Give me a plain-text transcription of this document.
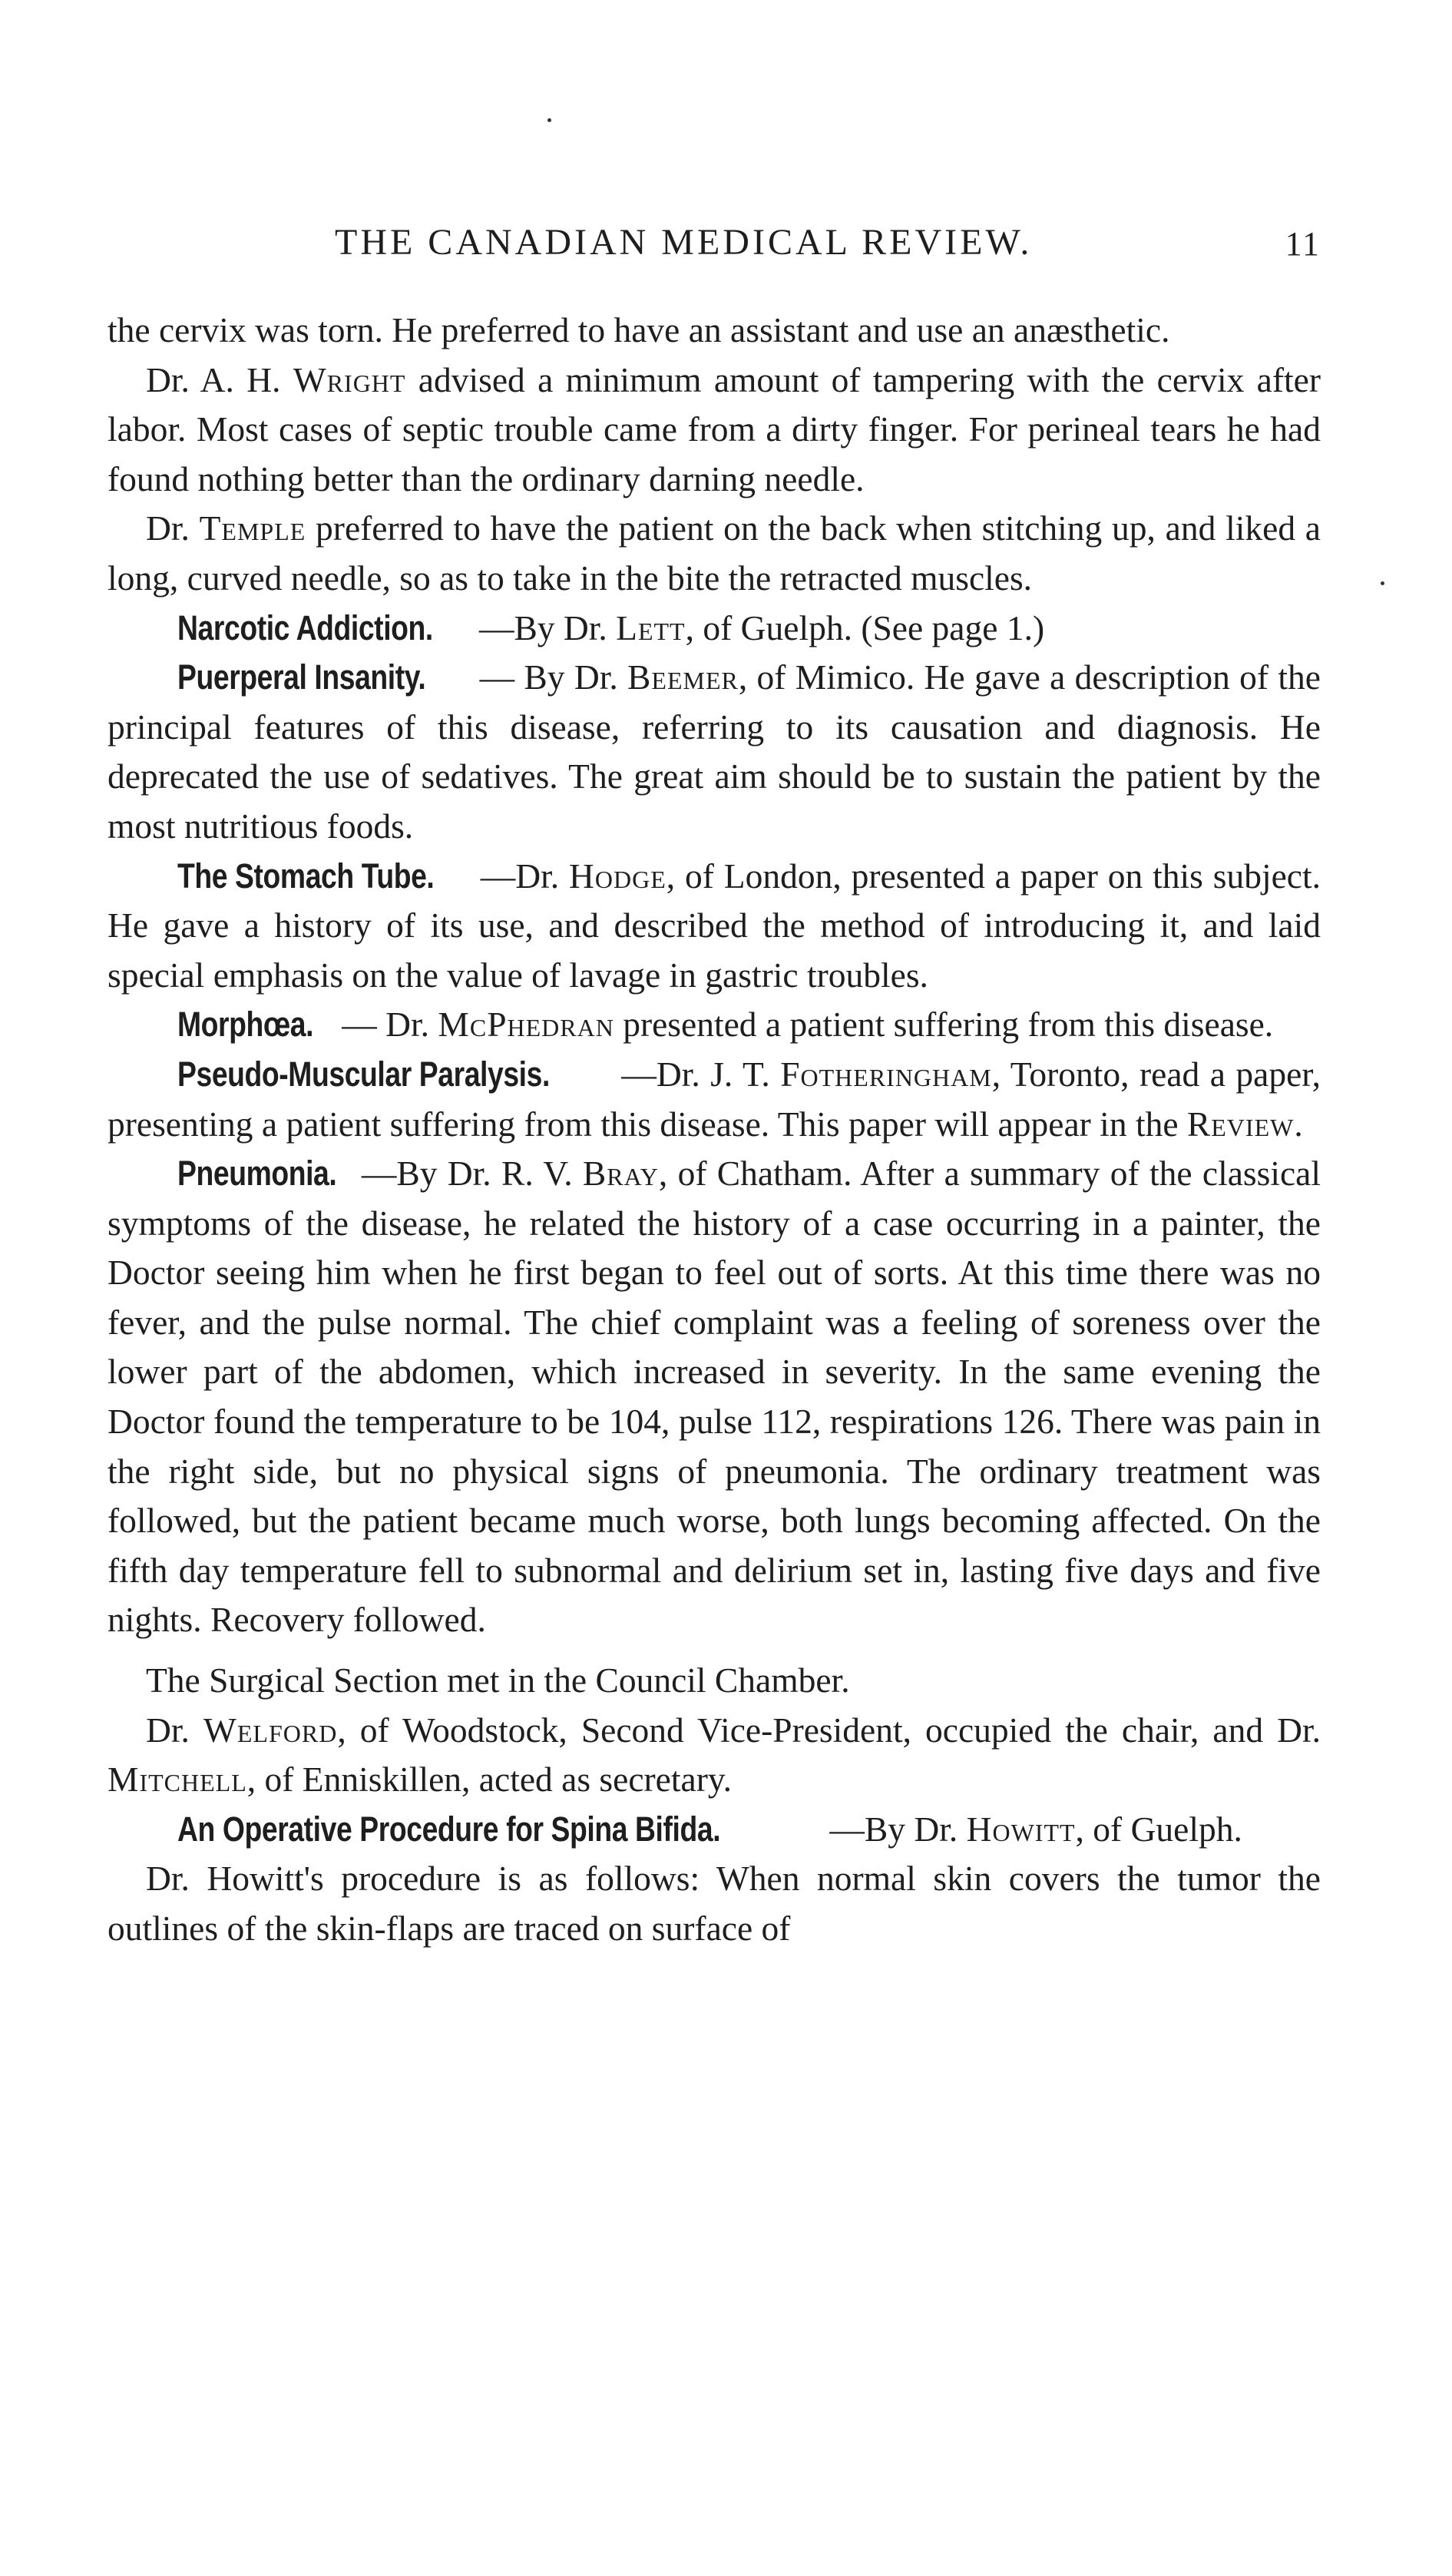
THE CANADIAN MEDICAL REVIEW.	11

the cervix was torn. He preferred to have an assistant and use an anæsthetic.

Dr. A. H. Wright advised a minimum amount of tampering with the cervix after labor. Most cases of septic trouble came from a dirty finger. For perineal tears he had found nothing better than the ordinary darning needle.

Dr. Temple preferred to have the patient on the back when stitching up, and liked a long, curved needle, so as to take in the bite the retracted muscles.

Narcotic Addiction. —By Dr. Lett, of Guelph. (See page 1.)

Puerperal Insanity. — By Dr. Beemer, of Mimico. He gave a description of the principal features of this disease, referring to its causation and diagnosis. He deprecated the use of sedatives. The great aim should be to sustain the patient by the most nutritious foods.

The Stomach Tube. —Dr. Hodge, of London, presented a paper on this subject. He gave a history of its use, and described the method of introducing it, and laid special emphasis on the value of lavage in gastric troubles.

Morphœa. — Dr. McPhedran presented a patient suffering from this disease.

Pseudo-Muscular Paralysis. —Dr. J. T. Fotheringham, Toronto, read a paper, presenting a patient suffering from this disease. This paper will appear in the Review.

Pneumonia. —By Dr. R. V. Bray, of Chatham. After a summary of the classical symptoms of the disease, he related the history of a case occurring in a painter, the Doctor seeing him when he first began to feel out of sorts. At this time there was no fever, and the pulse normal. The chief complaint was a feeling of soreness over the lower part of the abdomen, which increased in severity. In the same evening the Doctor found the temperature to be 104, pulse 112, respirations 126. There was pain in the right side, but no physical signs of pneumonia. The ordinary treatment was followed, but the patient became much worse, both lungs becoming affected. On the fifth day temperature fell to subnormal and delirium set in, lasting five days and five nights. Recovery followed.

The Surgical Section met in the Council Chamber.

Dr. Welford, of Woodstock, Second Vice-President, occupied the chair, and Dr. Mitchell, of Enniskillen, acted as secretary.

An Operative Procedure for Spina Bifida.	—By Dr. Howitt, of Guelph.

Dr. Howitt's procedure is as follows: When normal skin covers the tumor the outlines of the skin-flaps are traced on surface of
